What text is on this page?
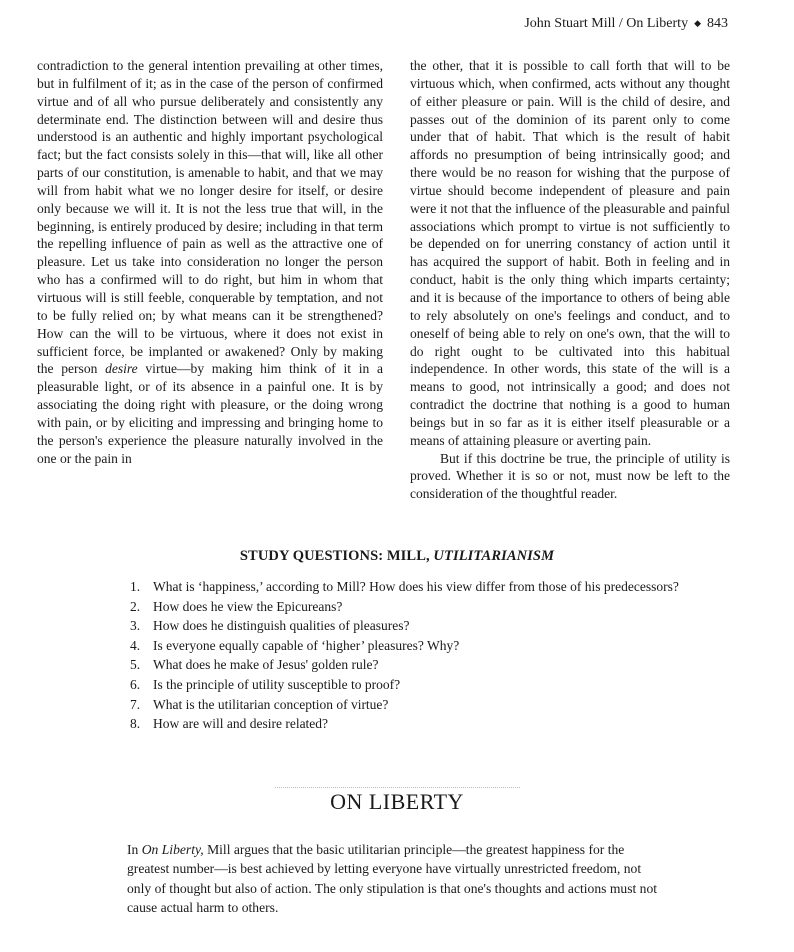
John Stuart Mill / On Liberty ◆ 843

contradiction to the general intention prevailing at other times, but in fulfilment of it; as in the case of the person of confirmed virtue and of all who pursue deliberately and consistently any determinate end. The distinction between will and desire thus understood is an authentic and highly important psychological fact; but the fact consists solely in this—that will, like all other parts of our constitution, is amenable to habit, and that we may will from habit what we no longer desire for itself, or desire only because we will it. It is not the less true that will, in the beginning, is entirely produced by desire; including in that term the repelling influence of pain as well as the attractive one of pleasure. Let us take into consideration no longer the person who has a confirmed will to do right, but him in whom that virtuous will is still feeble, conquerable by temptation, and not to be fully relied on; by what means can it be strengthened? How can the will to be virtuous, where it does not exist in sufficient force, be implanted or awakened? Only by making the person desire virtue—by making him think of it in a pleasurable light, or of its absence in a painful one. It is by associating the doing right with pleasure, or the doing wrong with pain, or by eliciting and impressing and bringing home to the person's experience the pleasure naturally involved in the one or the pain in

the other, that it is possible to call forth that will to be virtuous which, when confirmed, acts without any thought of either pleasure or pain. Will is the child of desire, and passes out of the dominion of its parent only to come under that of habit. That which is the result of habit affords no presumption of being intrinsically good; and there would be no reason for wishing that the purpose of virtue should become independent of pleasure and pain were it not that the influence of the pleasurable and painful associations which prompt to virtue is not sufficiently to be depended on for unerring constancy of action until it has acquired the support of habit. Both in feeling and in conduct, habit is the only thing which imparts certainty; and it is because of the importance to others of being able to rely absolutely on one's feelings and conduct, and to oneself of being able to rely on one's own, that the will to do right ought to be cultivated into this habitual independence. In other words, this state of the will is a means to good, not intrinsically a good; and does not contradict the doctrine that nothing is a good to human beings but in so far as it is either itself pleasurable or a means of attaining pleasure or averting pain.

But if this doctrine be true, the principle of utility is proved. Whether it is so or not, must now be left to the consideration of the thoughtful reader.

STUDY QUESTIONS: MILL, UTILITARIANISM
1. What is ‘happiness,’ according to Mill? How does his view differ from those of his predecessors?
2. How does he view the Epicureans?
3. How does he distinguish qualities of pleasures?
4. Is everyone equally capable of ‘higher’ pleasures? Why?
5. What does he make of Jesus' golden rule?
6. Is the principle of utility susceptible to proof?
7. What is the utilitarian conception of virtue?
8. How are will and desire related?
ON LIBERTY

In On Liberty, Mill argues that the basic utilitarian principle—the greatest happiness for the greatest number—is best achieved by letting everyone have virtually unrestricted freedom, not only of thought but also of action. The only stipulation is that one's thoughts and actions must not cause actual harm to others.
